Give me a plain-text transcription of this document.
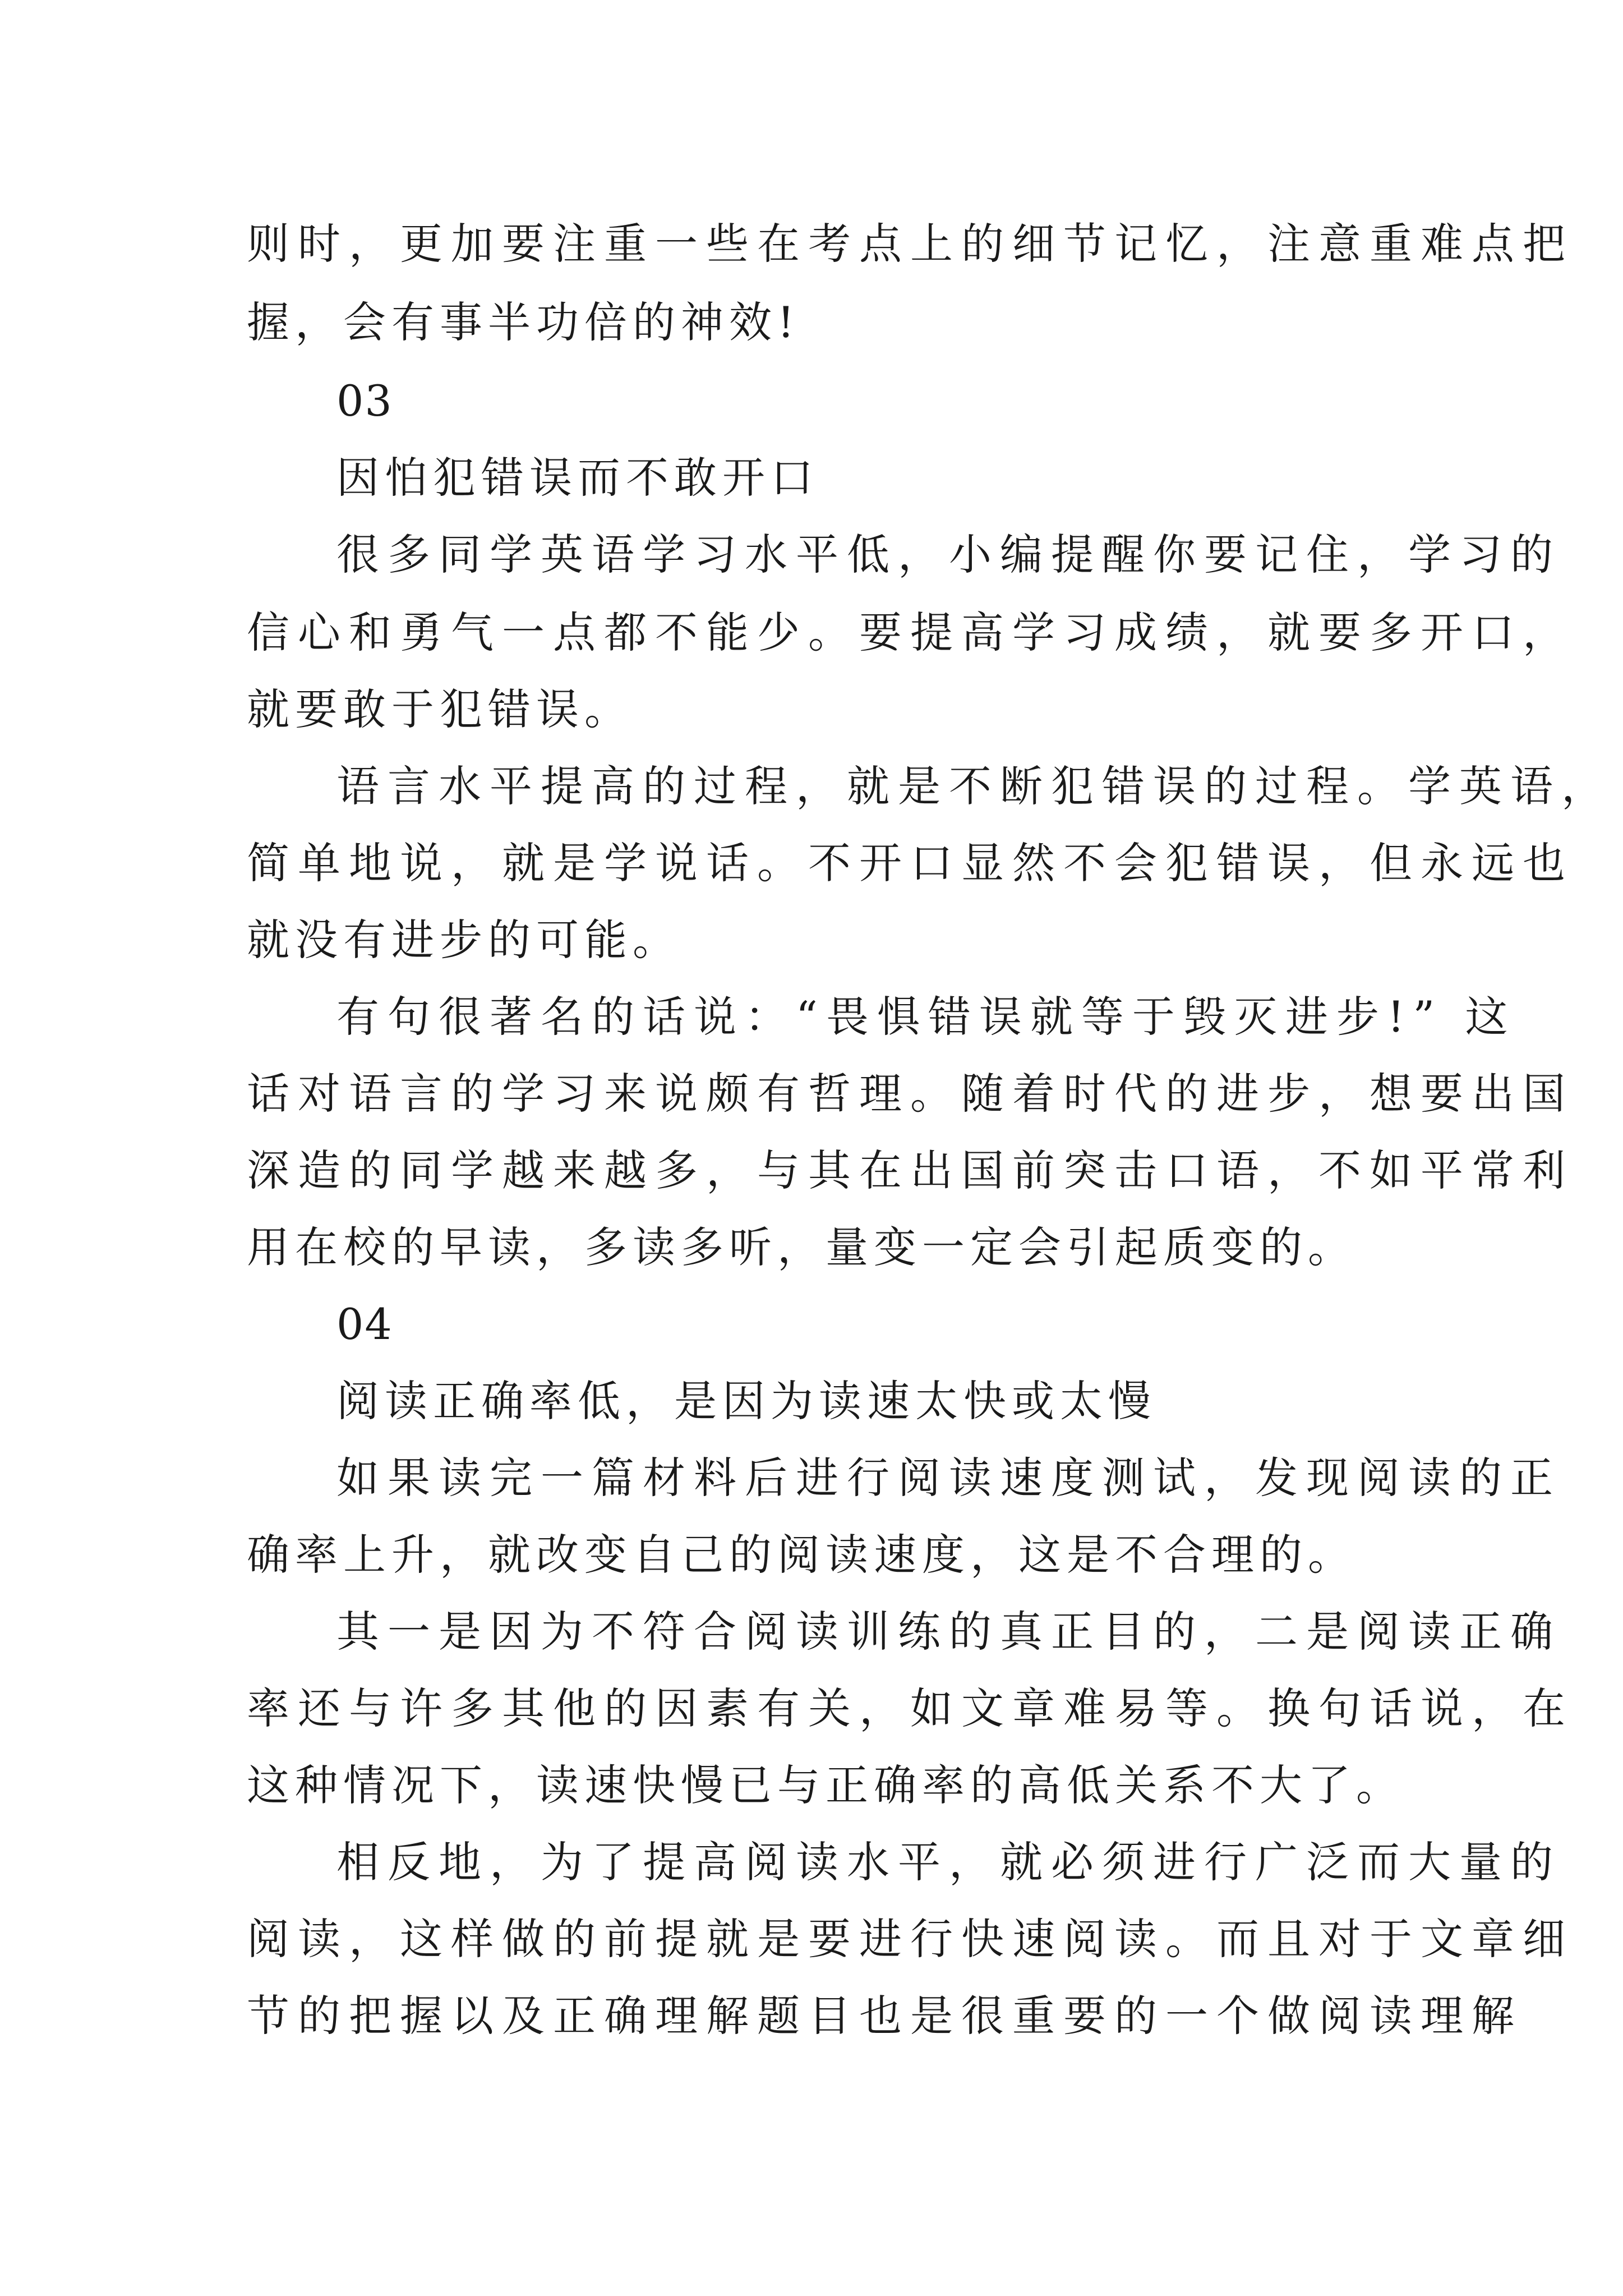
则时，更加要注重一些在考点上的细节记忆，注意重难点把
握，会有事半功倍的神效!
03
因怕犯错误而不敢开口
很多同学英语学习水平低，小编提醒你要记住，学习的
信心和勇气一点都不能少。要提高学习成绩，就要多开口，
就要敢于犯错误。
语言水平提高的过程，就是不断犯错误的过程。学英语，
简单地说，就是学说话。不开口显然不会犯错误，但永远也
就没有进步的可能。
有句很著名的话说：“畏惧错误就等于毁灭进步!” 这
话对语言的学习来说颇有哲理。随着时代的进步，想要出国
深造的同学越来越多，与其在出国前突击口语，不如平常利
用在校的早读，多读多听，量变一定会引起质变的。
04
阅读正确率低，是因为读速太快或太慢
如果读完一篇材料后进行阅读速度测试，发现阅读的正
确率上升，就改变自己的阅读速度，这是不合理的。
其一是因为不符合阅读训练的真正目的，二是阅读正确
率还与许多其他的因素有关，如文章难易等。换句话说，在
这种情况下，读速快慢已与正确率的高低关系不大了。
相反地，为了提高阅读水平，就必须进行广泛而大量的
阅读，这样做的前提就是要进行快速阅读。而且对于文章细
节的把握以及正确理解题目也是很重要的一个做阅读理解
